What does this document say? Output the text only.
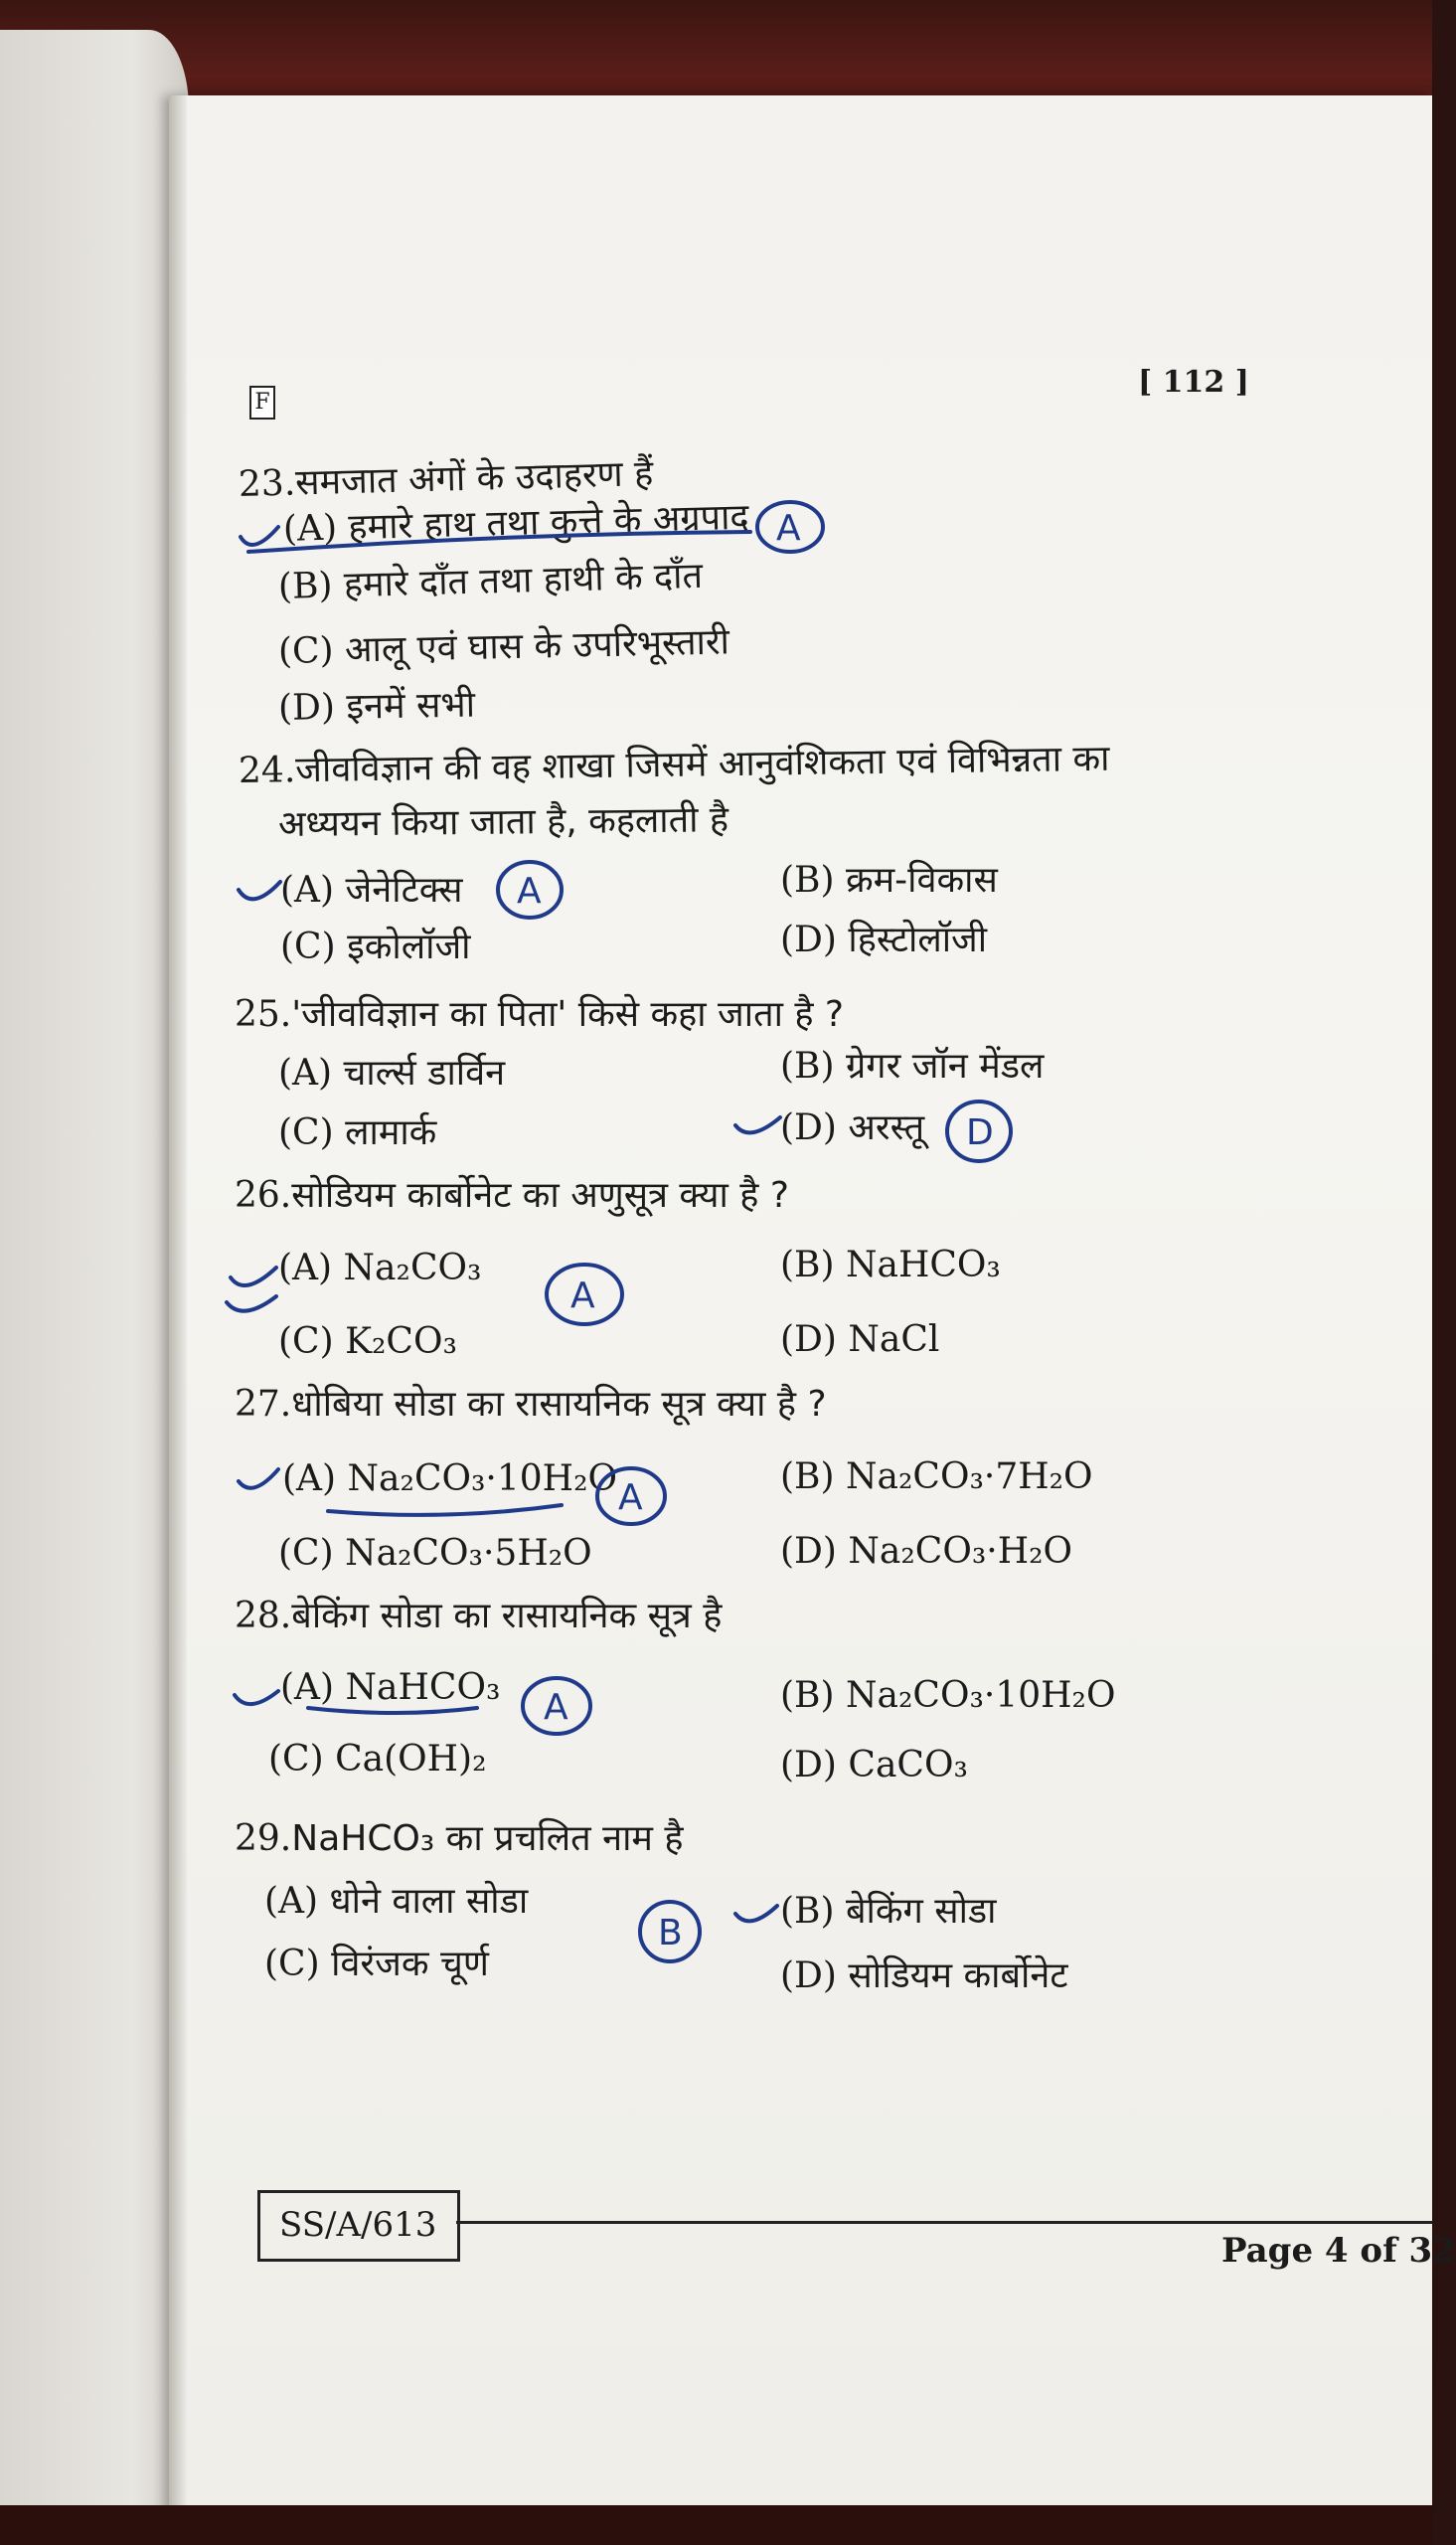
F
[ 112 ]
23.समजात अंगों के उदाहरण हैं
(A) हमारे हाथ तथा कुत्ते के अग्रपाद
(B) हमारे दाँत तथा हाथी के दाँत
(C) आलू एवं घास के उपरिभूस्तारी
(D) इनमें सभी
24.जीवविज्ञान की वह शाखा जिसमें आनुवंशिकता एवं विभिन्नता का
अध्ययन किया जाता है, कहलाती है
(A) जेनेटिक्स	(B) क्रम-विकास
(C) इकोलॉजी	(D) हिस्टोलॉजी
25.'जीवविज्ञान का पिता' किसे कहा जाता है ?
(A) चार्ल्स डार्विन	(B) ग्रेगर जॉन मेंडल
(C) लामार्क	(D) अरस्तू
26.सोडियम कार्बोनेट का अणुसूत्र क्या है ?
(A) Na₂CO₃	(B) NaHCO₃
(C) K₂CO₃	(D) NaCl
27.धोबिया सोडा का रासायनिक सूत्र क्या है ?
(A) Na₂CO₃·10H₂O	(B) Na₂CO₃·7H₂O
(C) Na₂CO₃·5H₂O	(D) Na₂CO₃·H₂O
28.बेकिंग सोडा का रासायनिक सूत्र है
(A) NaHCO₃	(B) Na₂CO₃·10H₂O
(C) Ca(OH)₂	(D) CaCO₃
29.NaHCO₃ का प्रचलित नाम है
(A) धोने वाला सोडा	(B) बेकिंग सोडा
(C) विरंजक चूर्ण	(D) सोडियम कार्बोनेट
A
A
D
A
A
A
B
SS/A/613
Page 4 of 32
